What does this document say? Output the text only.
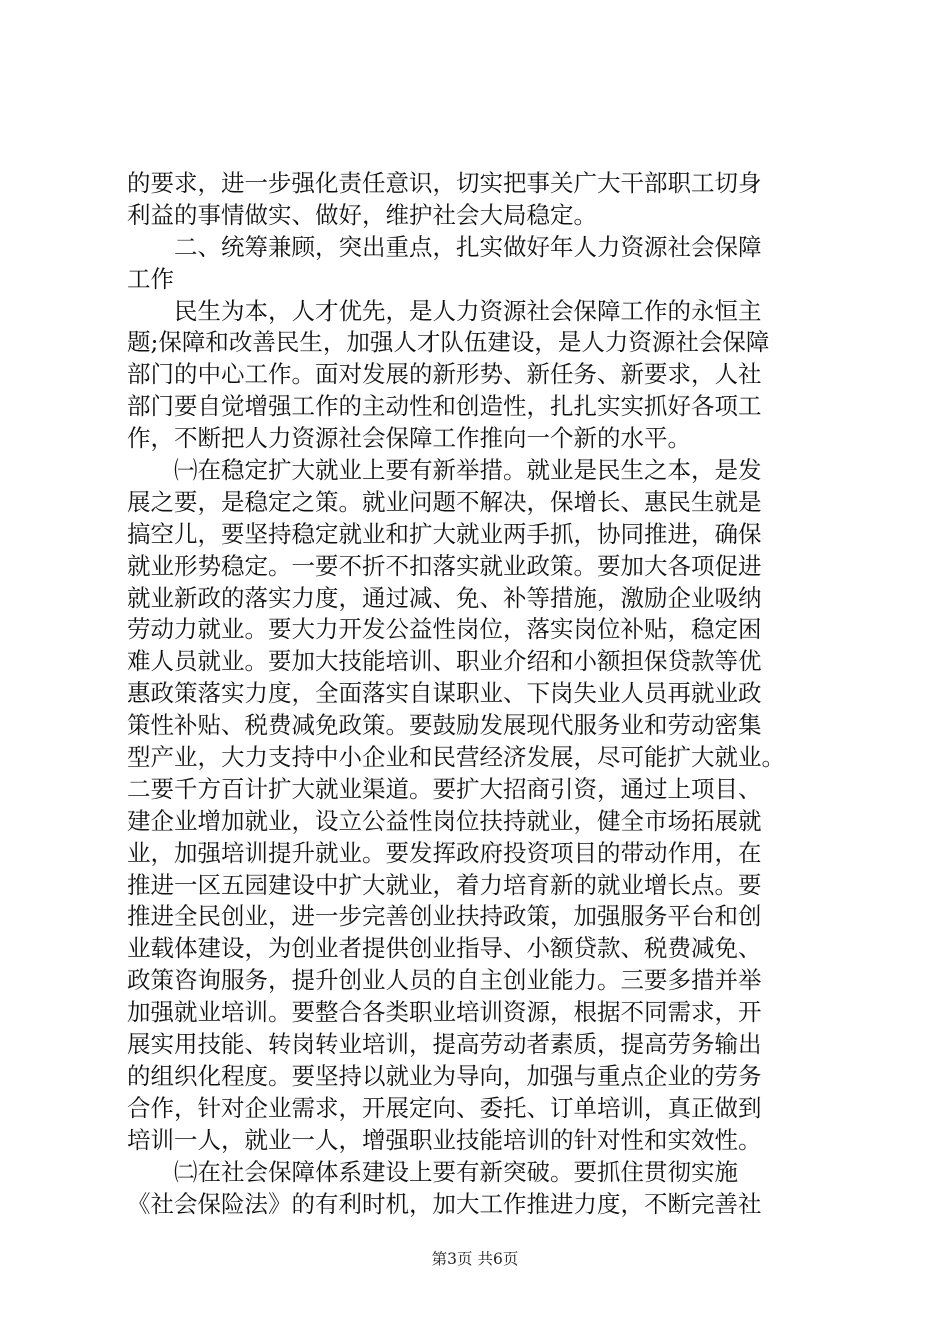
的要求，进一步强化责任意识，切实把事关广大干部职工切身
利益的事情做实、做好，维护社会大局稳定。
二、统筹兼顾，突出重点，扎实做好年人力资源社会保障
工作
民生为本，人才优先，是人力资源社会保障工作的永恒主
题;保障和改善民生，加强人才队伍建设，是人力资源社会保障
部门的中心工作。面对发展的新形势、新任务、新要求，人社
部门要自觉增强工作的主动性和创造性，扎扎实实抓好各项工
作，不断把人力资源社会保障工作推向一个新的水平。
㈠在稳定扩大就业上要有新举措。就业是民生之本，是发
展之要，是稳定之策。就业问题不解决，保增长、惠民生就是
搞空儿，要坚持稳定就业和扩大就业两手抓，协同推进，确保
就业形势稳定。一要不折不扣落实就业政策。要加大各项促进
就业新政的落实力度，通过减、免、补等措施，激励企业吸纳
劳动力就业。要大力开发公益性岗位，落实岗位补贴，稳定困
难人员就业。要加大技能培训、职业介绍和小额担保贷款等优
惠政策落实力度，全面落实自谋职业、下岗失业人员再就业政
策性补贴、税费减免政策。要鼓励发展现代服务业和劳动密集
型产业，大力支持中小企业和民营经济发展，尽可能扩大就业。
二要千方百计扩大就业渠道。要扩大招商引资，通过上项目、
建企业增加就业，设立公益性岗位扶持就业，健全市场拓展就
业，加强培训提升就业。要发挥政府投资项目的带动作用，在
推进一区五园建设中扩大就业，着力培育新的就业增长点。要
推进全民创业，进一步完善创业扶持政策，加强服务平台和创
业载体建设，为创业者提供创业指导、小额贷款、税费减免、
政策咨询服务，提升创业人员的自主创业能力。三要多措并举
加强就业培训。要整合各类职业培训资源，根据不同需求，开
展实用技能、转岗转业培训，提高劳动者素质，提高劳务输出
的组织化程度。要坚持以就业为导向，加强与重点企业的劳务
合作，针对企业需求，开展定向、委托、订单培训，真正做到
培训一人，就业一人，增强职业技能培训的针对性和实效性。
㈡在社会保障体系建设上要有新突破。要抓住贯彻实施
《社会保险法》的有利时机，加大工作推进力度，不断完善社
第3页 共6页
